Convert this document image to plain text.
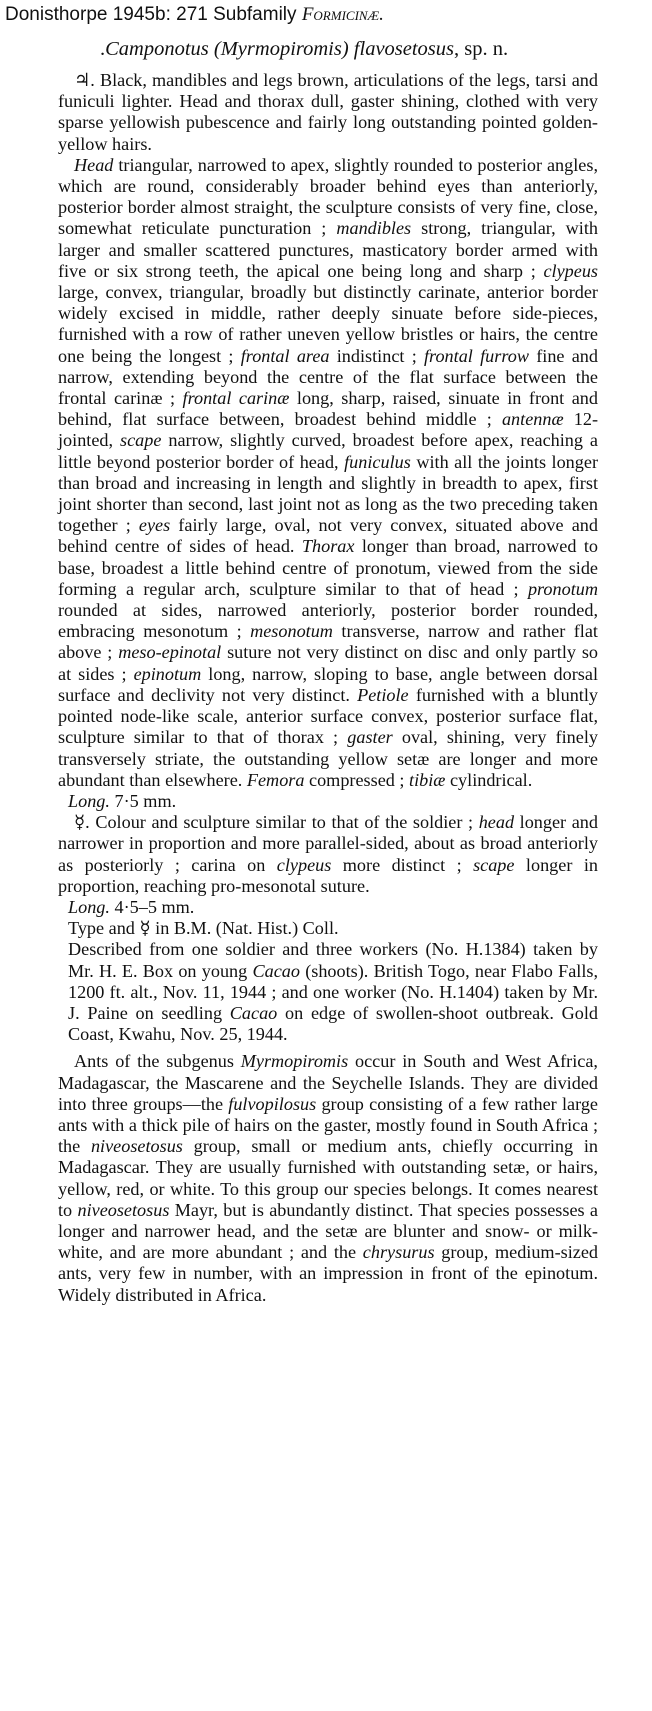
Donisthorpe 1945b: 271 Subfamily Formicinæ.
.Camponotus (Myrmopiromis) flavosetosus, sp. n.

♃. Black, mandibles and legs brown, articulations of the legs, tarsi and funiculi lighter. Head and thorax dull, gaster shining, clothed with very sparse yellowish pubescence and fairly long outstanding pointed golden-yellow hairs.

Head triangular, narrowed to apex, slightly rounded to posterior angles, which are round, considerably broader behind eyes than anteriorly, posterior border almost straight, the sculpture consists of very fine, close, somewhat reticulate puncturation ; mandibles strong, triangular, with larger and smaller scattered punctures, masticatory border armed with five or six strong teeth, the apical one being long and sharp ; clypeus large, convex, triangular, broadly but distinctly carinate, anterior border widely excised in middle, rather deeply sinuate before side-pieces, furnished with a row of rather uneven yellow bristles or hairs, the centre one being the longest ; frontal area indistinct ; frontal furrow fine and narrow, extending beyond the centre of the flat surface between the frontal carinæ ; frontal carinæ long, sharp, raised, sinuate in front and behind, flat surface between, broadest behind middle ; antennæ 12-jointed, scape narrow, slightly curved, broadest before apex, reaching a little beyond posterior border of head, funiculus with all the joints longer than broad and increasing in length and slightly in breadth to apex, first joint shorter than second, last joint not as long as the two preceding taken together ; eyes fairly large, oval, not very convex, situated above and behind centre of sides of head. Thorax longer than broad, narrowed to base, broadest a little behind centre of pronotum, viewed from the side forming a regular arch, sculpture similar to that of head ; pronotum rounded at sides, narrowed anteriorly, posterior border rounded, embracing mesonotum ; mesonotum transverse, narrow and rather flat above ; meso-epinotal suture not very distinct on disc and only partly so at sides ; epinotum long, narrow, sloping to base, angle between dorsal surface and declivity not very distinct. Petiole furnished with a bluntly pointed node-like scale, anterior surface convex, posterior surface flat, sculpture similar to that of thorax ; gaster oval, shining, very finely transversely striate, the outstanding yellow setæ are longer and more abundant than elsewhere. Femora compressed ; tibiæ cylindrical.

Long. 7·5 mm.

☿. Colour and sculpture similar to that of the soldier ; head longer and narrower in proportion and more parallel-sided, about as broad anteriorly as posteriorly ; carina on clypeus more distinct ; scape longer in proportion, reaching pro-mesonotal suture.

Long. 4·5–5 mm.

Type and ☿ in B.M. (Nat. Hist.) Coll.

Described from one soldier and three workers (No. H.1384) taken by Mr. H. E. Box on young Cacao (shoots). British Togo, near Flabo Falls, 1200 ft. alt., Nov. 11, 1944 ; and one worker (No. H.1404) taken by Mr. J. Paine on seedling Cacao on edge of swollen-shoot outbreak. Gold Coast, Kwahu, Nov. 25, 1944.

Ants of the subgenus Myrmopiromis occur in South and West Africa, Madagascar, the Mascarene and the Seychelle Islands. They are divided into three groups—the fulvopilosus group consisting of a few rather large ants with a thick pile of hairs on the gaster, mostly found in South Africa ; the niveosetosus group, small or medium ants, chiefly occurring in Madagascar. They are usually furnished with outstanding setæ, or hairs, yellow, red, or white. To this group our species belongs. It comes nearest to niveosetosus Mayr, but is abundantly distinct. That species possesses a longer and narrower head, and the setæ are blunter and snow- or milk-white, and are more abundant ; and the chrysurus group, medium-sized ants, very few in number, with an impression in front of the epinotum. Widely distributed in Africa.
